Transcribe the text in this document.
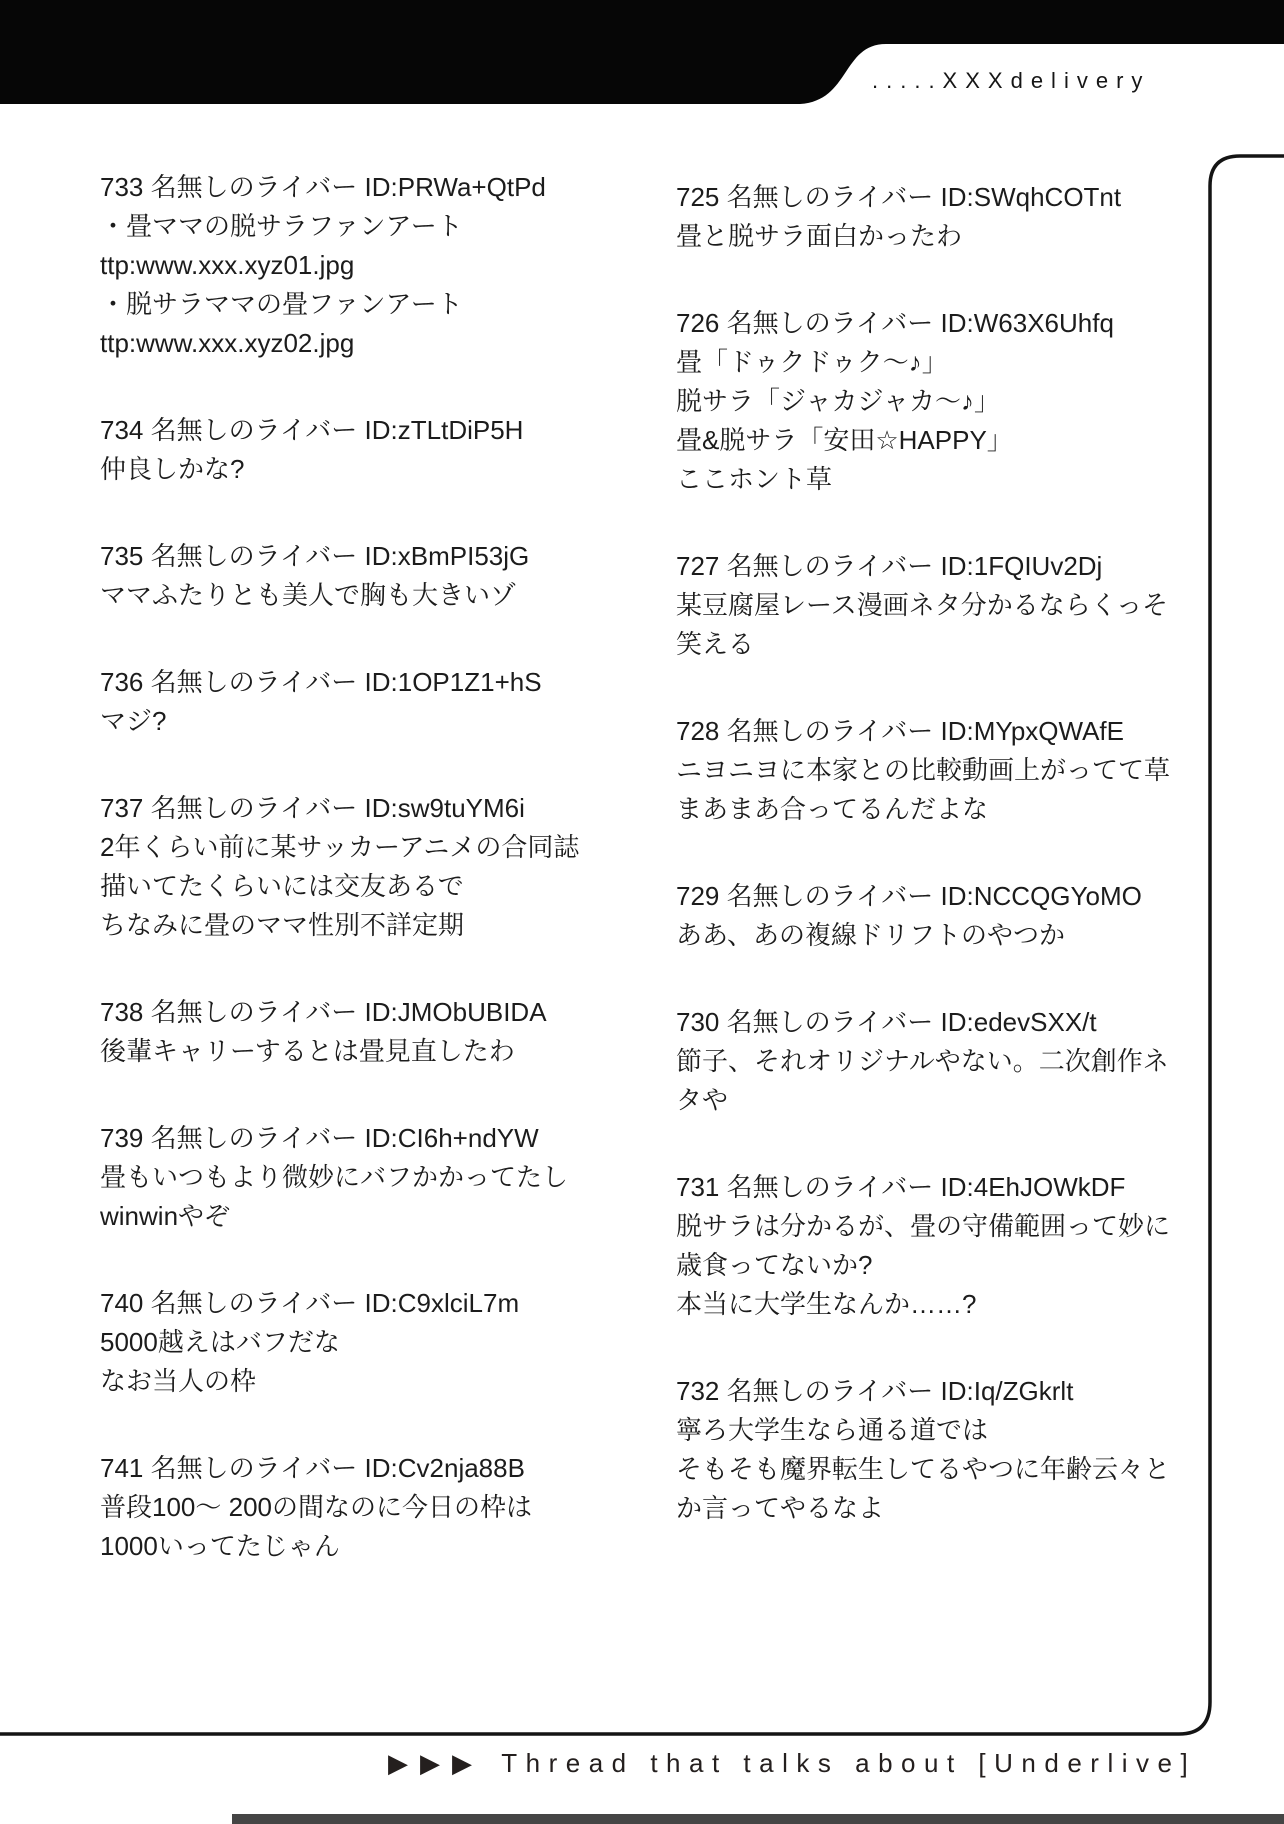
.....XXXdelivery
733 名無しのライバー ID:PRWa+QtPd
・畳ママの脱サラファンアート
ttp:www.xxx.xyz01.jpg
・脱サラママの畳ファンアート
ttp:www.xxx.xyz02.jpg
734 名無しのライバー ID:zTLtDiP5H
仲良しかな?
735 名無しのライバー ID:xBmPI53jG
ママふたりとも美人で胸も大きいゾ
736 名無しのライバー ID:1OP1Z1+hS
マジ?
737 名無しのライバー ID:sw9tuYM6i
2年くらい前に某サッカーアニメの合同誌
描いてたくらいには交友あるで
ちなみに畳のママ性別不詳定期
738 名無しのライバー ID:JMObUBIDA
後輩キャリーするとは畳見直したわ
739 名無しのライバー ID:CI6h+ndYW
畳もいつもより微妙にバフかかってたし
winwinやぞ
740 名無しのライバー ID:C9xlciL7m
5000越えはバフだな
なお当人の枠
741 名無しのライバー ID:Cv2nja88B
普段100～ 200の間なのに今日の枠は
1000いってたじゃん
725 名無しのライバー ID:SWqhCOTnt
畳と脱サラ面白かったわ
726 名無しのライバー ID:W63X6Uhfq
畳「ドゥクドゥク～♪」
脱サラ「ジャカジャカ～♪」
畳&脱サラ「安田☆HAPPY」
ここホント草
727 名無しのライバー ID:1FQIUv2Dj
某豆腐屋レース漫画ネタ分かるならくっそ
笑える
728 名無しのライバー ID:MYpxQWAfE
ニヨニヨに本家との比較動画上がってて草
まあまあ合ってるんだよな
729 名無しのライバー ID:NCCQGYoMO
ああ、あの複線ドリフトのやつか
730 名無しのライバー ID:edevSXX/t
節子、それオリジナルやない。二次創作ネ
タや
731 名無しのライバー ID:4EhJOWkDF
脱サラは分かるが、畳の守備範囲って妙に
歳食ってないか?
本当に大学生なんか……?
732 名無しのライバー ID:Iq/ZGkrlt
寧ろ大学生なら通る道では
そもそも魔界転生してるやつに年齢云々と
か言ってやるなよ
▶▶▶ Thread that talks about [Underlive]
